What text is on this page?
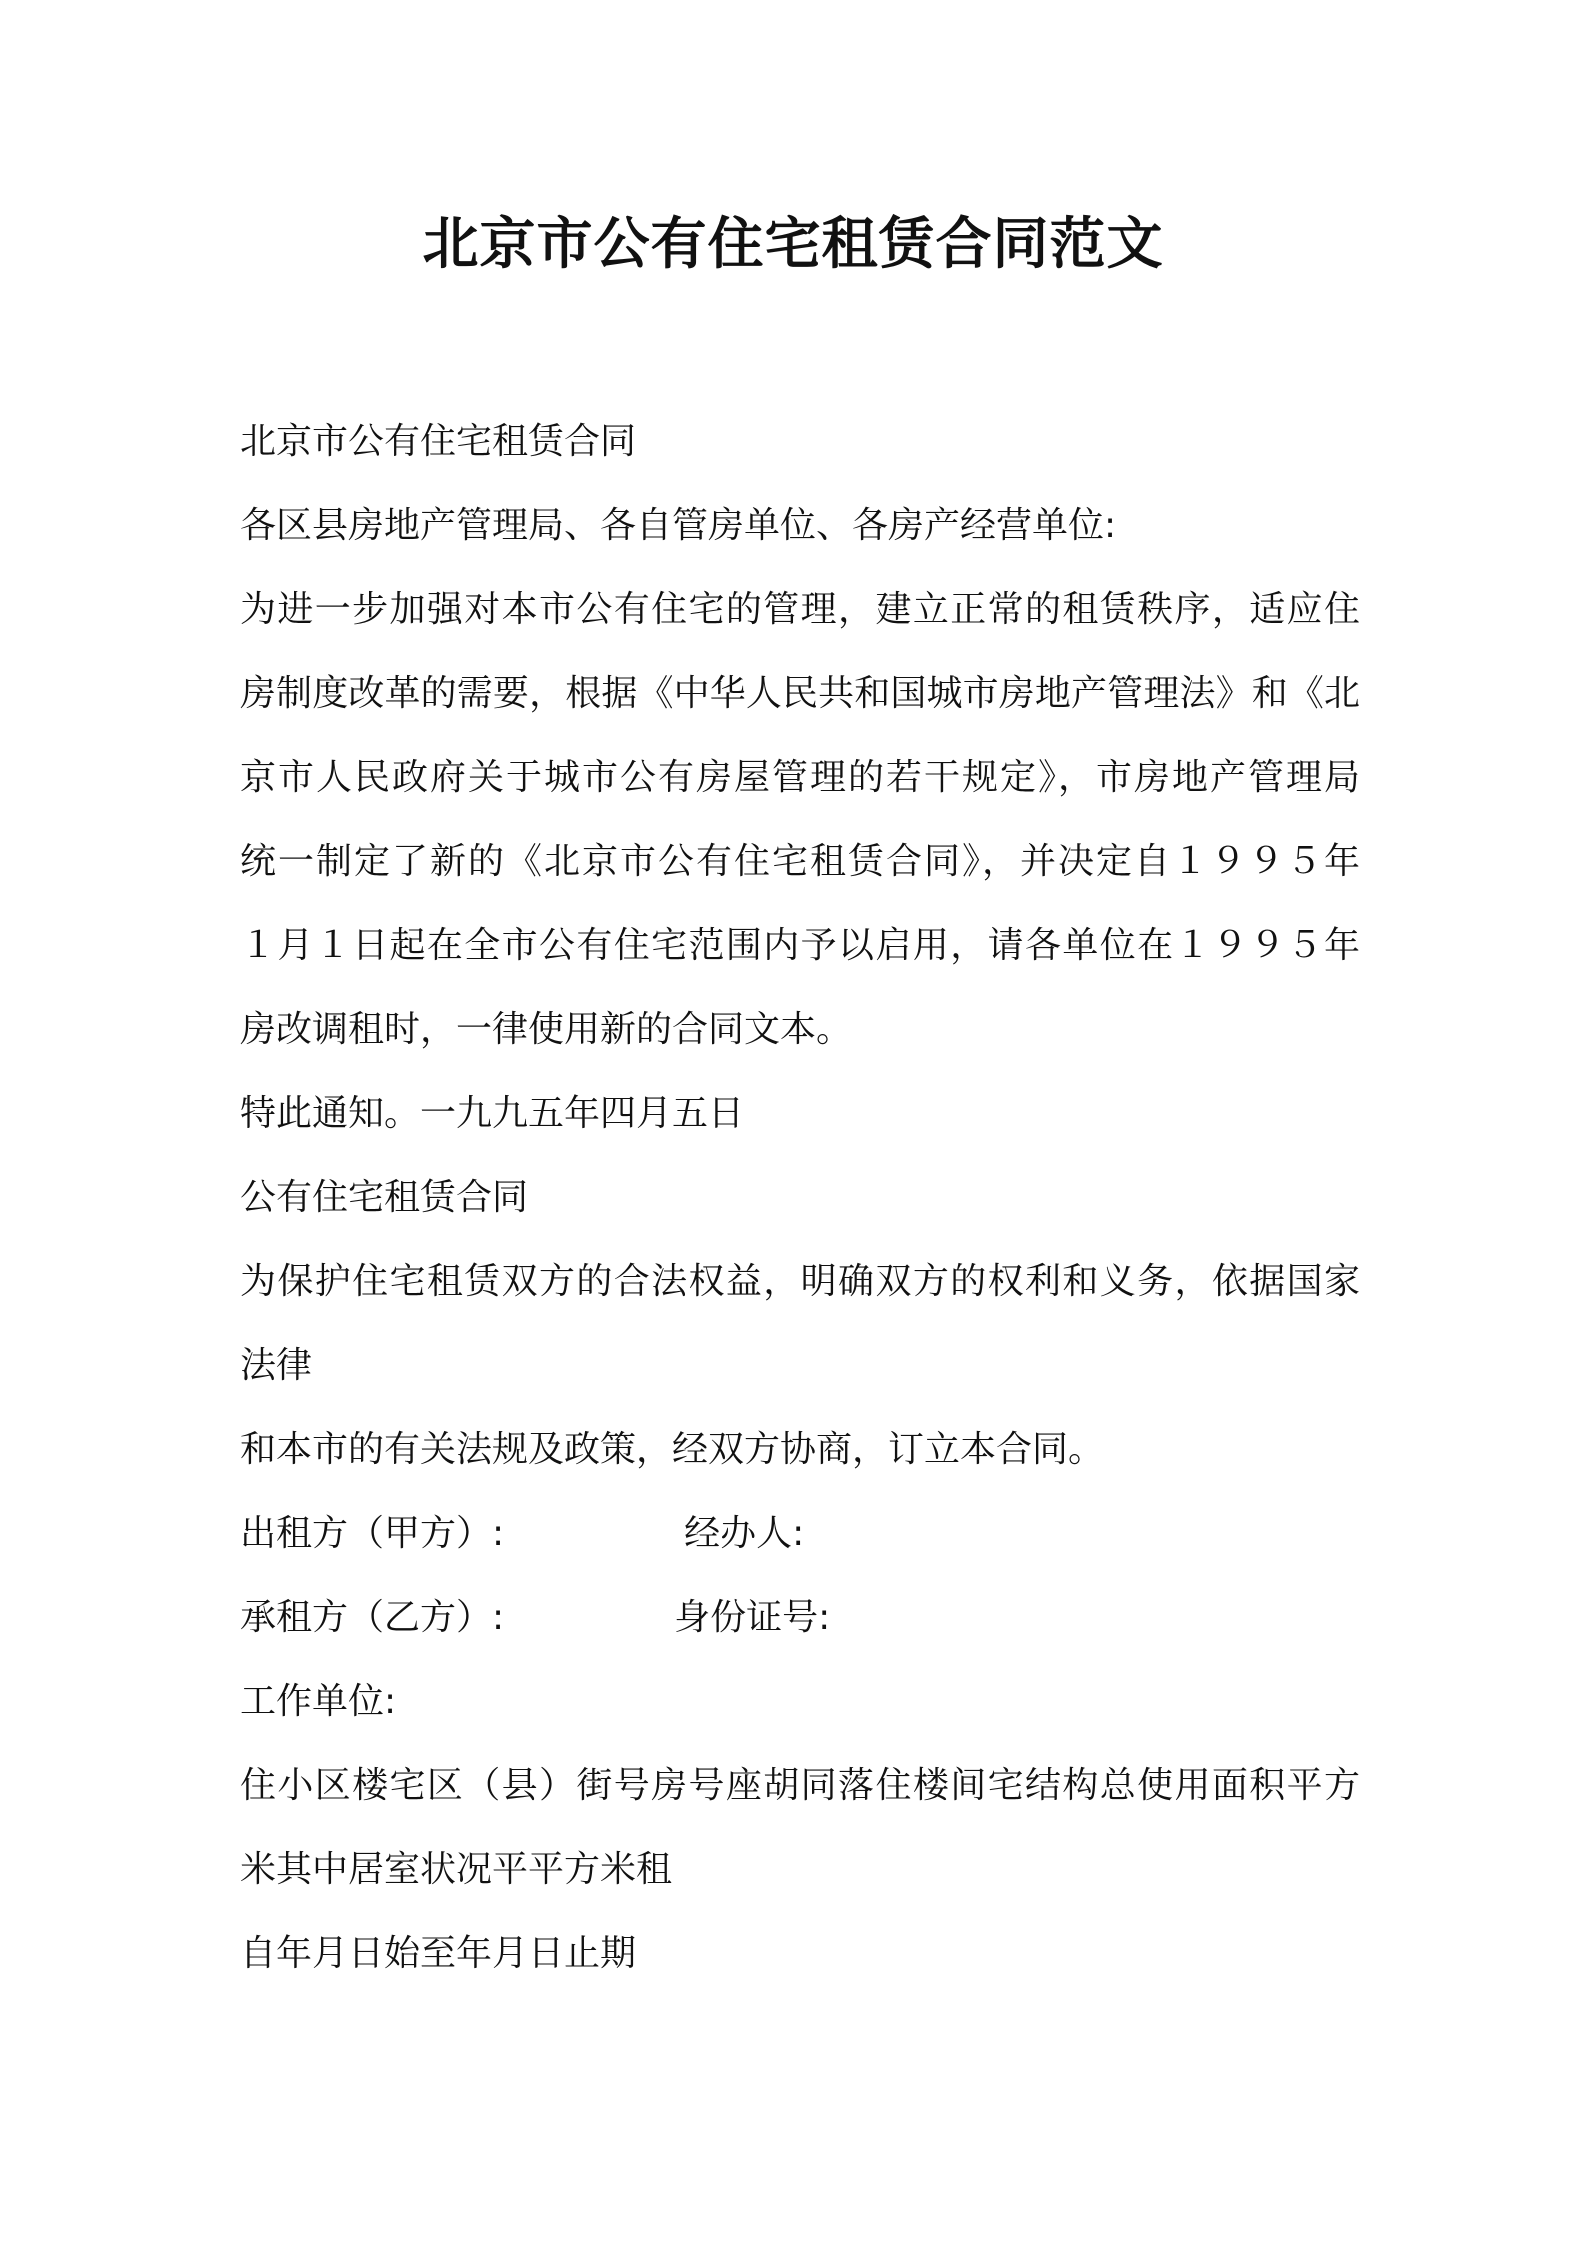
北京市公有住宅租赁合同范文

北京市公有住宅租赁合同

各区县房地产管理局、各自管房单位、各房产经营单位:

为进一步加强对本市公有住宅的管理，建立正常的租赁秩序，适应住

房制度改革的需要，根据《中华人民共和国城市房地产管理法》和《北

京市人民政府关于城市公有房屋管理的若干规定》，市房地产管理局

统一制定了新的《北京市公有住宅租赁合同》，并决定自１９９５年

１月１日起在全市公有住宅范围内予以启用，请各单位在１９９５年

房改调租时，一律使用新的合同文本。

特此通知。一九九五年四月五日

公有住宅租赁合同

为保护住宅租赁双方的合法权益，明确双方的权利和义务，依据国家

法律

和本市的有关法规及政策，经双方协商，订立本合同。

出租方（甲方）:	经办人:

承租方（乙方）:	身份证号:

工作单位:

住小区楼宅区（县）街号房号座胡同落住楼间宅结构总使用面积平方

米其中居室状况平平方米租

自年月日始至年月日止期
